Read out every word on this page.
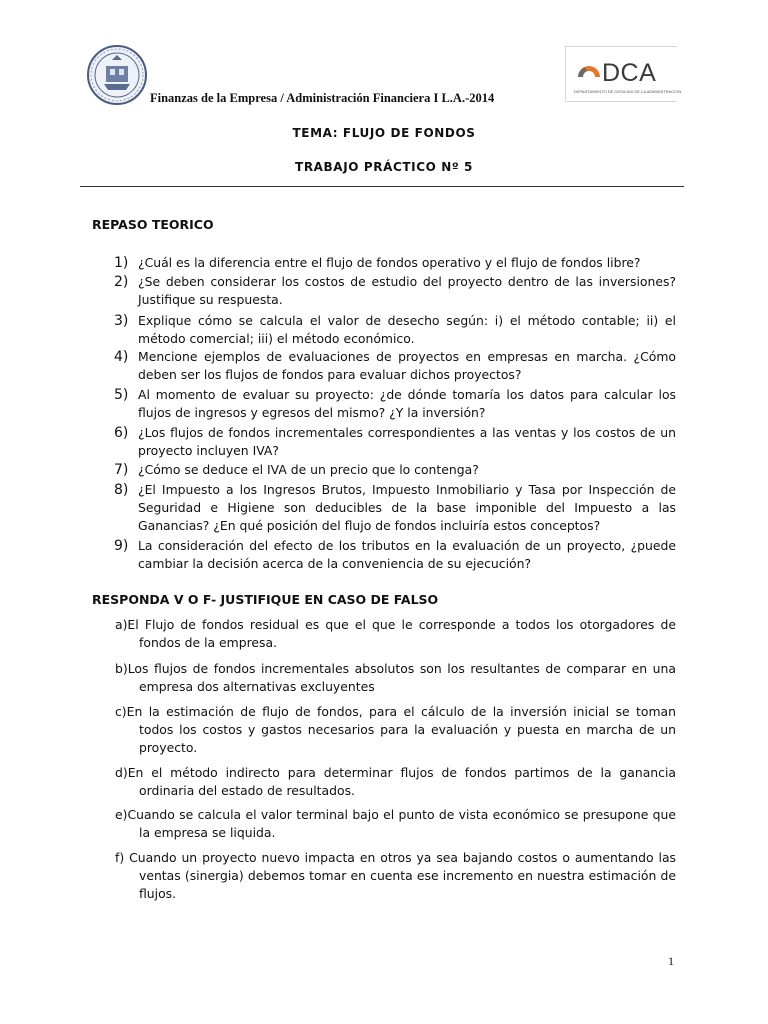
Finanzas de la Empresa / Administración Financiera I L.A.-2014
DCA
DEPARTAMENTO DE CIENCIAS DE LA ADMINISTRACION
TEMA: FLUJO DE FONDOS
TRABAJO PRÁCTICO Nº 5
REPASO TEORICO
1) ¿Cuál es la diferencia entre el flujo de fondos operativo y el flujo de fondos libre?
2) ¿Se deben considerar los costos de estudio del proyecto dentro de las inversiones? Justifique su respuesta.
3) Explique cómo se calcula el valor de desecho según: i) el método contable; ii) el método comercial; iii) el método económico.
4) Mencione ejemplos de evaluaciones de proyectos en empresas en marcha. ¿Cómo deben ser los flujos de fondos para evaluar dichos proyectos?
5) Al momento de evaluar su proyecto: ¿de dónde tomaría los datos para calcular los flujos de ingresos y egresos del mismo? ¿Y la inversión?
6) ¿Los flujos de fondos incrementales correspondientes a las ventas y los costos de un proyecto incluyen IVA?
7) ¿Cómo se deduce el IVA de un precio que lo contenga?
8) ¿El Impuesto a los Ingresos Brutos, Impuesto Inmobiliario y Tasa por Inspección de Seguridad e Higiene son deducibles de la base imponible del Impuesto a las Ganancias? ¿En qué posición del flujo de fondos incluiría estos conceptos?
9) La consideración del efecto de los tributos en la evaluación de un proyecto, ¿puede cambiar la decisión acerca de la conveniencia de su ejecución?
RESPONDA V O F- JUSTIFIQUE EN CASO DE FALSO
a)El Flujo de fondos residual es que el que le corresponde a todos los otorgadores de fondos de la empresa.
b)Los flujos de fondos incrementales absolutos son los resultantes de comparar en una empresa dos alternativas excluyentes
c)En la estimación de flujo de fondos, para el cálculo de la inversión inicial se toman todos los costos y gastos necesarios para la evaluación y puesta en marcha de un proyecto.
d)En el método indirecto para determinar flujos de fondos partimos de la ganancia ordinaria del estado de resultados.
e)Cuando se calcula el valor terminal bajo el punto de vista económico se presupone que la empresa se liquida.
f) Cuando un proyecto nuevo impacta en otros ya sea bajando costos o aumentando las ventas (sinergia) debemos tomar en cuenta ese incremento en nuestra estimación de flujos.
1
